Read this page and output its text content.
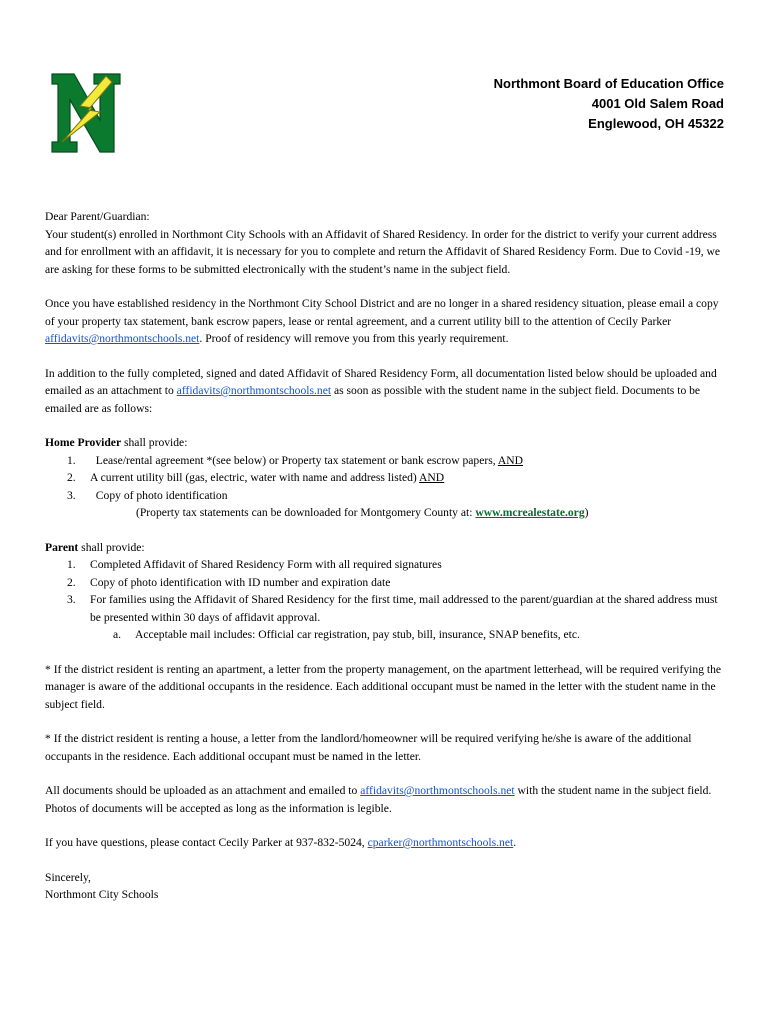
Northmont Board of Education Office
4001 Old Salem Road
Englewood, OH 45322

Dear Parent/Guardian:

Your student(s) enrolled in Northmont City Schools with an Affidavit of Shared Residency. In order for the district to verify your current address and for enrollment with an affidavit, it is necessary for you to complete and return the Affidavit of Shared Residency Form. Due to Covid -19, we are asking for these forms to be submitted electronically with the student’s name in the subject field.

Once you have established residency in the Northmont City School District and are no longer in a shared residency situation, please email a copy of your property tax statement, bank escrow papers, lease or rental agreement, and a current utility bill to the attention of Cecily Parker affidavits@northmontschools.net. Proof of residency will remove you from this yearly requirement.

In addition to the fully completed, signed and dated Affidavit of Shared Residency Form, all documentation listed below should be uploaded and emailed as an attachment to affidavits@northmontschools.net as soon as possible with the student name in the subject field. Documents to be emailed are as follows:

Home Provider shall provide:

1. Lease/rental agreement *(see below) or Property tax statement or bank escrow papers, AND
2. A current utility bill (gas, electric, water with name and address listed) AND
3. Copy of photo identification

(Property tax statements can be downloaded for Montgomery County at: www.mcrealestate.org)

Parent shall provide:

1. Completed Affidavit of Shared Residency Form with all required signatures
2. Copy of photo identification with ID number and expiration date
3. For families using the Affidavit of Shared Residency for the first time, mail addressed to the parent/guardian at the shared address must be presented within 30 days of affidavit approval.
a. Acceptable mail includes: Official car registration, pay stub, bill, insurance, SNAP benefits, etc.

* If the district resident is renting an apartment, a letter from the property management, on the apartment letterhead, will be required verifying the manager is aware of the additional occupants in the residence. Each additional occupant must be named in the letter with the student name in the subject field.

* If the district resident is renting a house, a letter from the landlord/homeowner will be required verifying he/she is aware of the additional occupants in the residence. Each additional occupant must be named in the letter.

All documents should be uploaded as an attachment and emailed to affidavits@northmontschools.net with the student name in the subject field. Photos of documents will be accepted as long as the information is legible.

If you have questions, please contact Cecily Parker at 937-832-5024, cparker@northmontschools.net.

Sincerely,

Northmont City Schools
